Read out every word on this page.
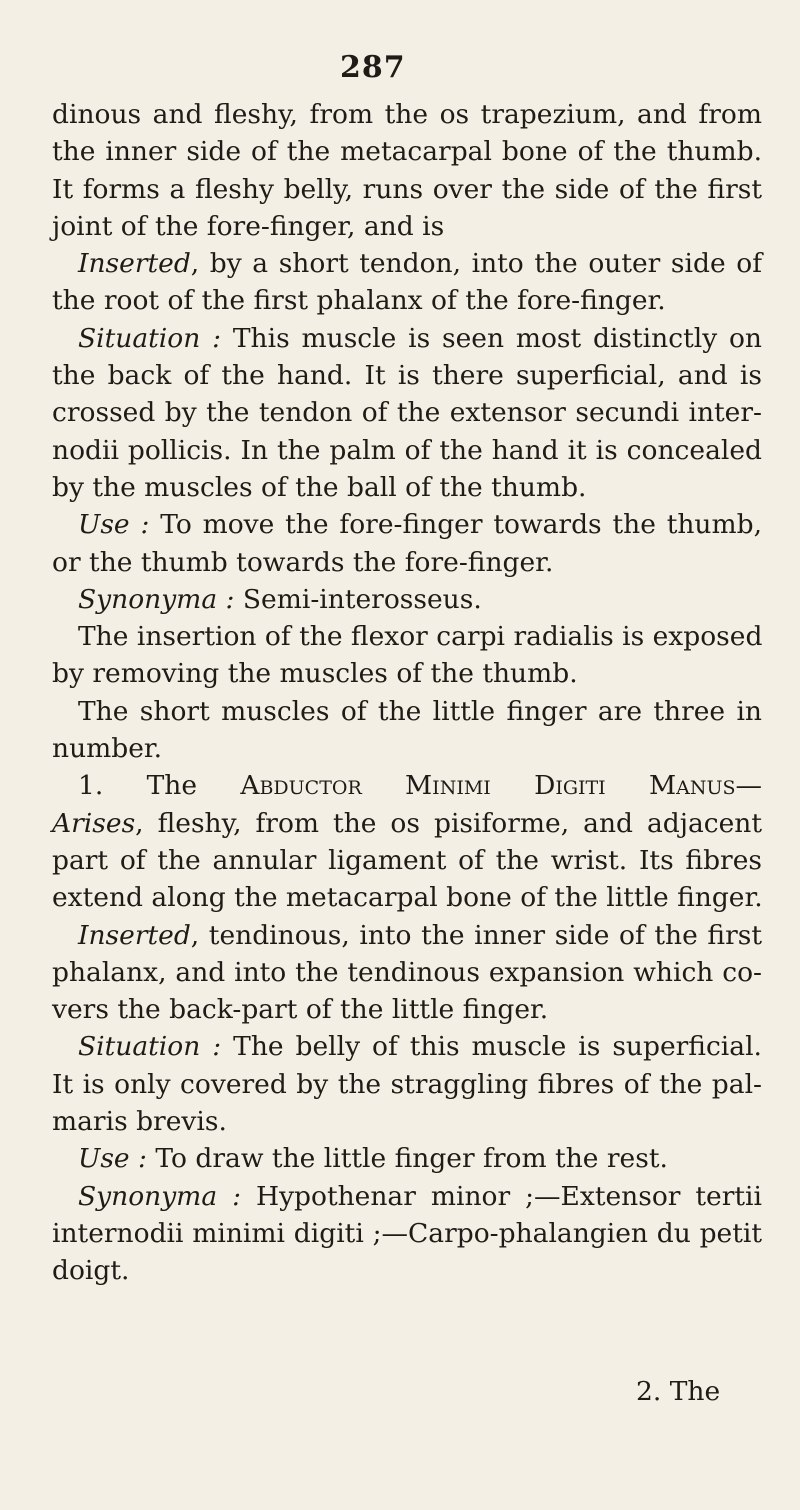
287
dinous and fleshy, from the os trapezium, and from
the inner side of the metacarpal bone of the thumb.
It forms a fleshy belly, runs over the side of the first
joint of the fore-finger, and is
Inserted, by a short tendon, into the outer side of
the root of the first phalanx of the fore-finger.
Situation : This muscle is seen most distinctly on
the back of the hand. It is there superficial, and is
crossed by the tendon of the extensor secundi inter-
nodii pollicis. In the palm of the hand it is concealed
by the muscles of the ball of the thumb.
Use : To move the fore-finger towards the thumb,
or the thumb towards the fore-finger.
Synonyma : Semi-interosseus.
The insertion of the flexor carpi radialis is exposed
by removing the muscles of the thumb.
The short muscles of the little finger are three in
number.
1. The Abductor Minimi Digiti Manus—
Arises, fleshy, from the os pisiforme, and adjacent
part of the annular ligament of the wrist. Its fibres
extend along the metacarpal bone of the little finger.
Inserted, tendinous, into the inner side of the first
phalanx, and into the tendinous expansion which co-
vers the back-part of the little finger.
Situation : The belly of this muscle is superficial.
It is only covered by the straggling fibres of the pal-
maris brevis.
Use : To draw the little finger from the rest.
Synonyma : Hypothenar minor ;—Extensor tertii
internodii minimi digiti ;—Carpo-phalangien du petit
doigt.
2. The
